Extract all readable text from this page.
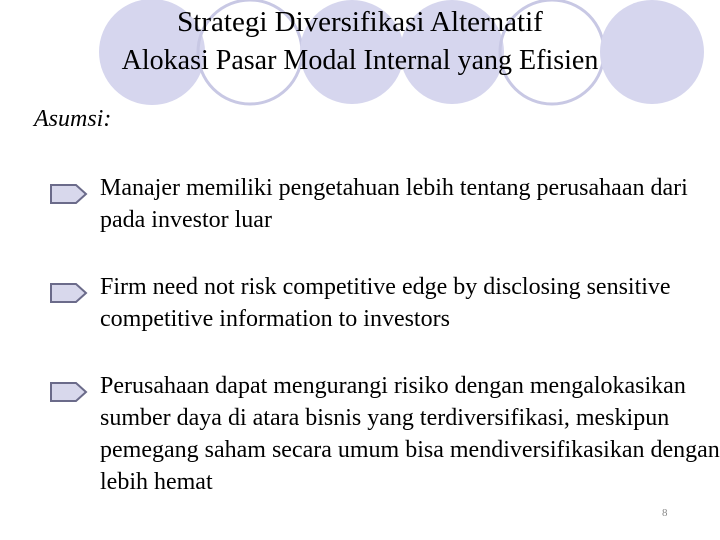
Strategi Diversifikasi Alternatif
Alokasi Pasar Modal Internal yang Efisien
Asumsi:
Manajer memiliki pengetahuan lebih tentang perusahaan dari pada investor luar
Firm need not risk competitive edge by disclosing sensitive competitive information to investors
Perusahaan dapat mengurangi risiko dengan mengalokasikan sumber daya di atara bisnis yang terdiversifikasi, meskipun pemegang saham secara umum bisa mendiversifikasikan dengan lebih hemat
8
